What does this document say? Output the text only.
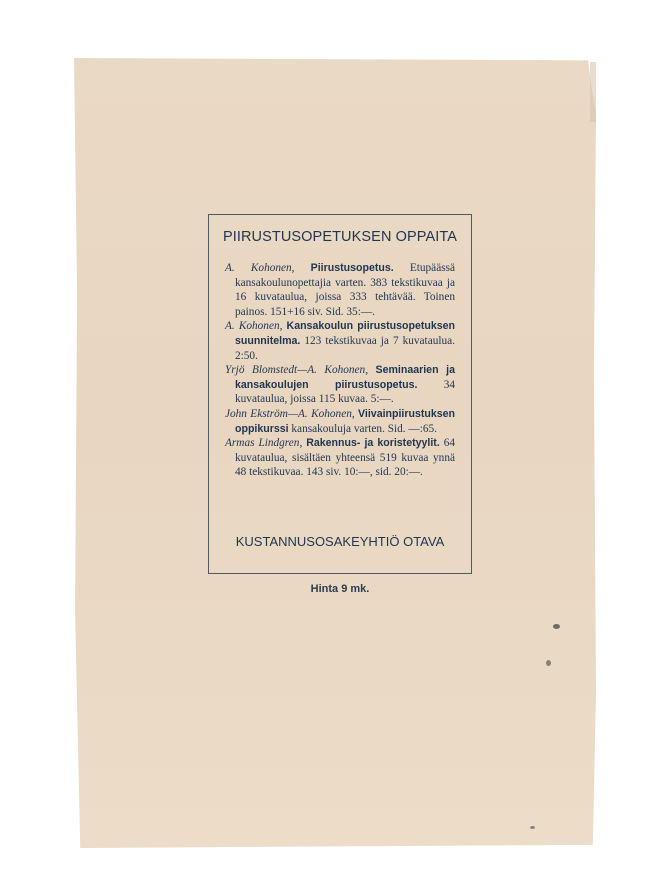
PIIRUSTUSOPETUKSEN OPPAITA

A. Kohonen, Piirustusopetus. Etupäässä kansakoulunopettajia varten. 383 tekstikuvaa ja 16 kuvataulua, joissa 333 tehtävää. Toinen painos. 151+16 siv. Sid. 35:—.

A. Kohonen, Kansakoulun piirustusopetuksen suunnitelma. 123 tekstikuvaa ja 7 kuvataulua. 2:50.

Yrjö Blomstedt—A. Kohonen, Seminaarien ja kansakoulujen piirustusopetus. 34 kuvataulua, joissa 115 kuvaa. 5:—.

John Ekström—A. Kohonen, Viivainpiirustuksen oppikurssi kansakouluja varten. Sid. —:65.

Armas Lindgren, Rakennus- ja koristetyylit. 64 kuvataulua, sisältäen yhteensä 519 kuvaa ynnä 48 tekstikuvaa. 143 siv. 10:—, sid. 20:—.

KUSTANNUSOSAKEYHTIÖ OTAVA
Hinta 9 mk.
